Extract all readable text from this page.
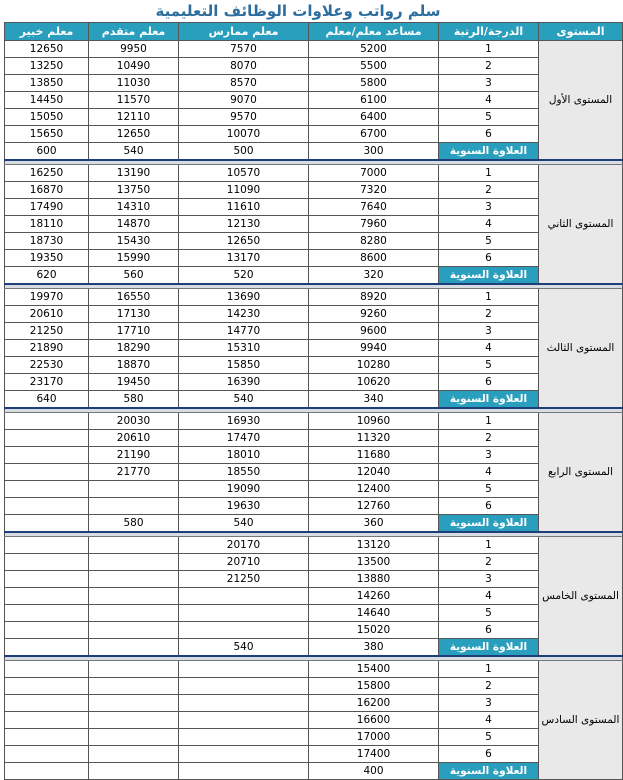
سلم رواتب وعلاوات الوظائف التعليمية
المستوى	الدرجة/الرتبة	مساعد معلم/معلم	معلم ممارس	معلم متقدم	معلم خبير
المستوى الأول	1	5200	7570	9950	12650
	2	5500	8070	10490	13250
	3	5800	8570	11030	13850
	4	6100	9070	11570	14450
	5	6400	9570	12110	15050
	6	6700	10070	12650	15650
	العلاوة السنوية	300	500	540	600

المستوى الثاني	1	7000	10570	13190	16250
	2	7320	11090	13750	16870
	3	7640	11610	14310	17490
	4	7960	12130	14870	18110
	5	8280	12650	15430	18730
	6	8600	13170	15990	19350
	العلاوة السنوية	320	520	560	620

المستوى الثالث	1	8920	13690	16550	19970
	2	9260	14230	17130	20610
	3	9600	14770	17710	21250
	4	9940	15310	18290	21890
	5	10280	15850	18870	22530
	6	10620	16390	19450	23170
	العلاوة السنوية	340	540	580	640

المستوى الرابع	1	10960	16930	20030	
	2	11320	17470	20610	
	3	11680	18010	21190	
	4	12040	18550	21770	
	5	12400	19090		
	6	12760	19630		
	العلاوة السنوية	360	540	580	

المستوى الخامس	1	13120	20170		
	2	13500	20710		
	3	13880	21250		
	4	14260			
	5	14640			
	6	15020			
	العلاوة السنوية	380	540		

المستوى السادس	1	15400			
	2	15800			
	3	16200			
	4	16600			
	5	17000			
	6	17400			
	العلاوة السنوية	400			
